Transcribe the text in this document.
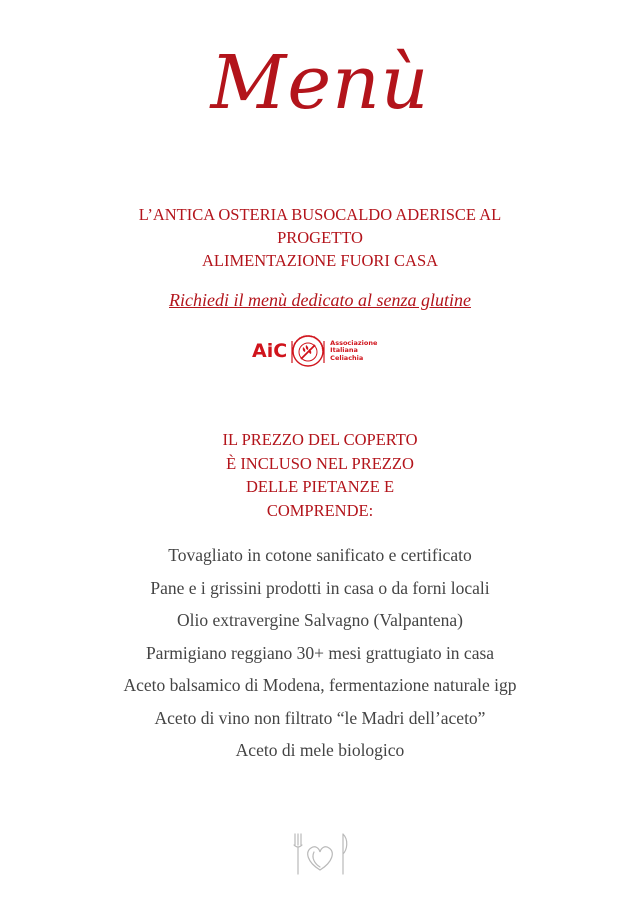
Menù
L’ANTICA OSTERIA BUSOCALDO ADERISCE AL
PROGETTO
ALIMENTAZIONE FUORI CASA
Richiedi il menù dedicato al senza glutine
AiC Alimentazione fuori casa
Associazione
Italiana
Celiachia
IL PREZZO DEL COPERTO
È INCLUSO NEL PREZZO
DELLE PIETANZE E
COMPRENDE:
Tovagliato in cotone sanificato e certificato
Pane e i grissini prodotti in casa o da forni locali
Olio extravergine Salvagno (Valpantena)
Parmigiano reggiano 30+ mesi grattugiato in casa
Aceto balsamico di Modena, fermentazione naturale igp
Aceto di vino non filtrato “le Madri dell’aceto”
Aceto di mele biologico
